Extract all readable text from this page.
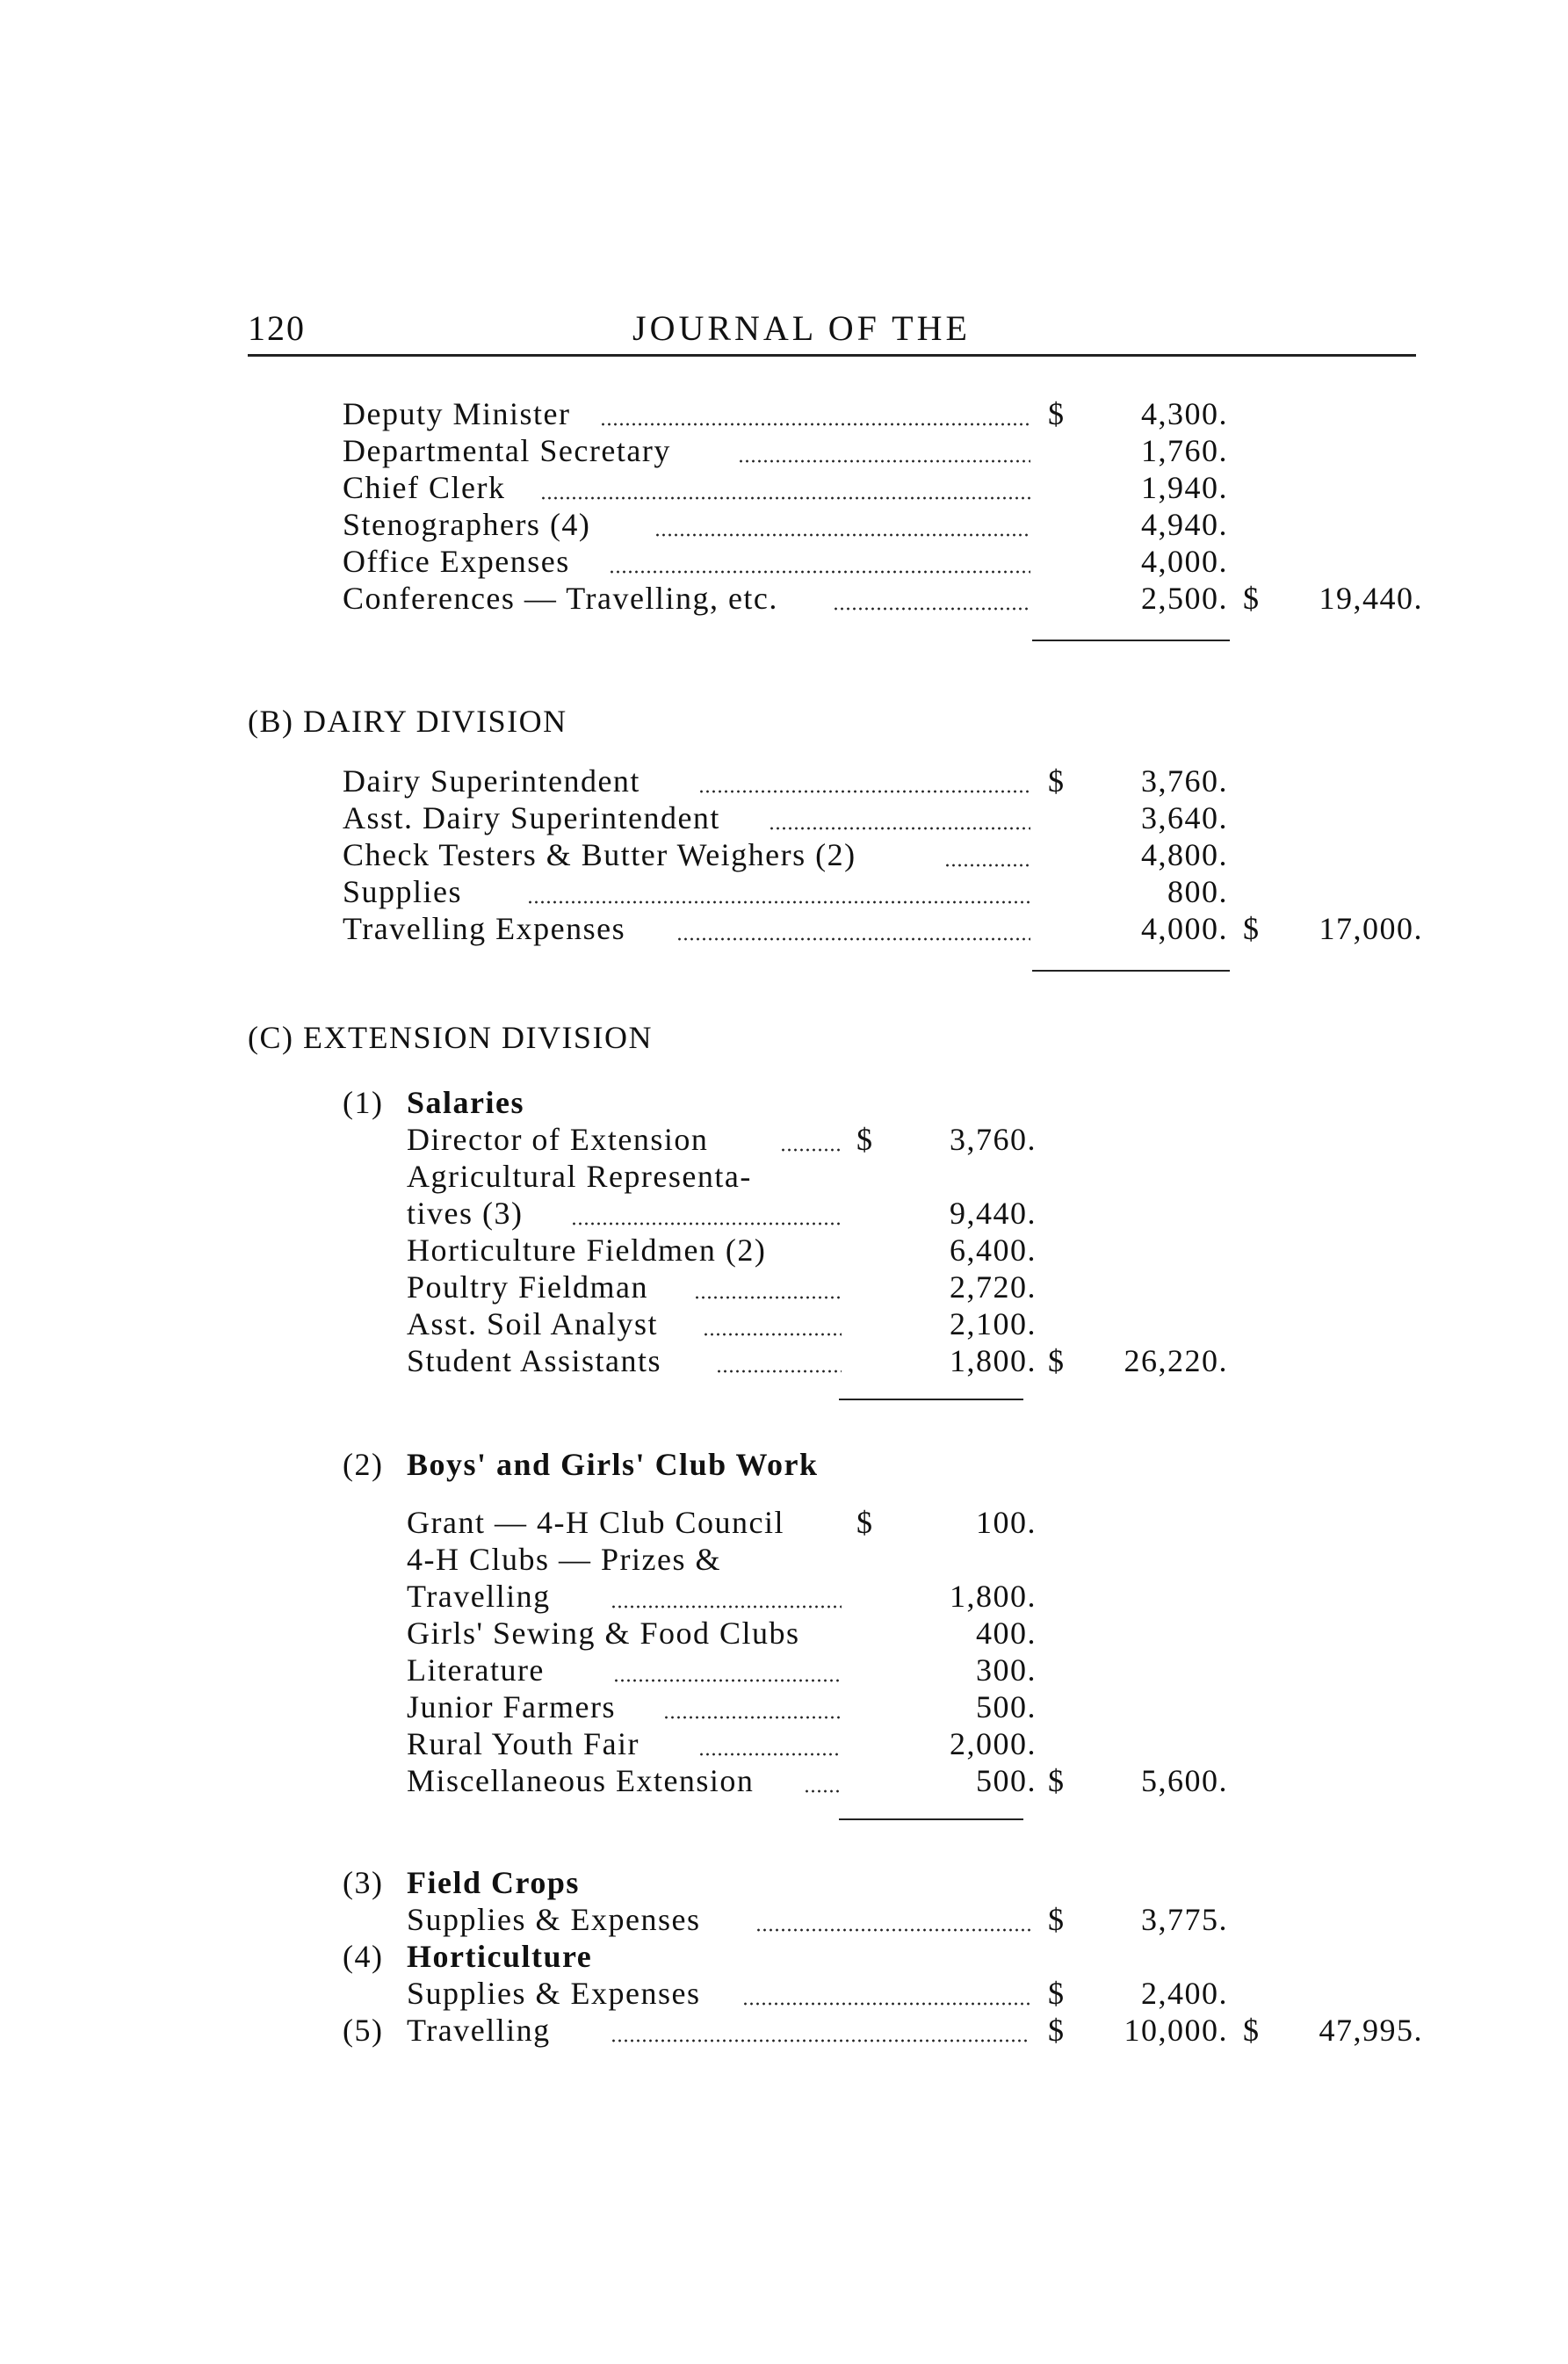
120	JOURNAL OF THE
Deputy Minister	$	4,300.
Departmental Secretary	1,760.
Chief Clerk	1,940.
Stenographers (4)	4,940.
Office Expenses	4,000.
Conferences — Travelling, etc.	2,500. $	19,440.
(B) DAIRY DIVISION
Dairy Superintendent	$	3,760.
Asst. Dairy Superintendent	3,640.
Check Testers & Butter Weighers (2)	4,800.
Supplies	800.
Travelling Expenses	4,000. $	17,000.
(C) EXTENSION DIVISION
(1) Salaries
Director of Extension	$	3,760.
Agricultural Representa-
tives (3)	9,440.
Horticulture Fieldmen (2)	6,400.
Poultry Fieldman	2,720.
Asst. Soil Analyst	2,100.
Student Assistants	1,800. $	26,220.
(2) Boys' and Girls' Club Work
Grant — 4-H Club Council $	100.
4-H Clubs — Prizes &
Travelling	1,800.
Girls' Sewing & Food Clubs	400.
Literature	300.
Junior Farmers	500.
Rural Youth Fair	2,000.
Miscellaneous Extension	500. $	5,600.
(3) Field Crops
Supplies & Expenses	$	3,775.
(4) Horticulture
Supplies & Expenses	$	2,400.
(5) Travelling	$	10,000. $	47,995.
